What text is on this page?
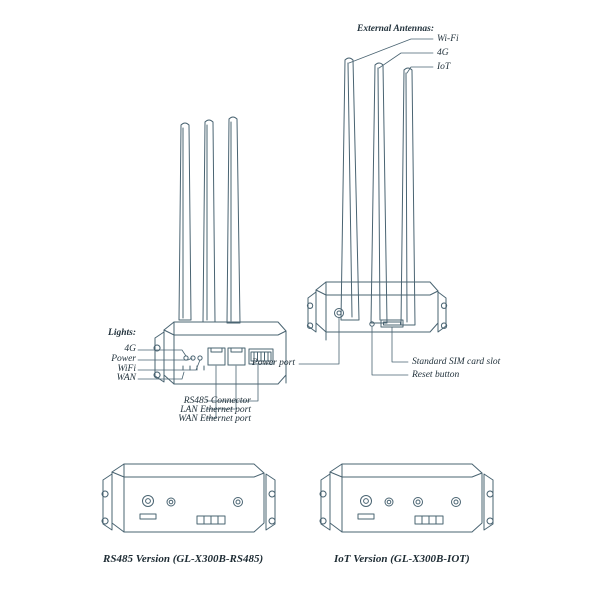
Lights:
4G
Power
WiFi
WAN
RS485 Connector
LAN Ethernet port
WAN Ethernet port
External Antennas:
Wi-Fi
4G
IoT
Power port	Standard SIM card slot
Reset button
RS485 Version (GL-X300B-RS485)	IoT Version (GL-X300B-IOT)
